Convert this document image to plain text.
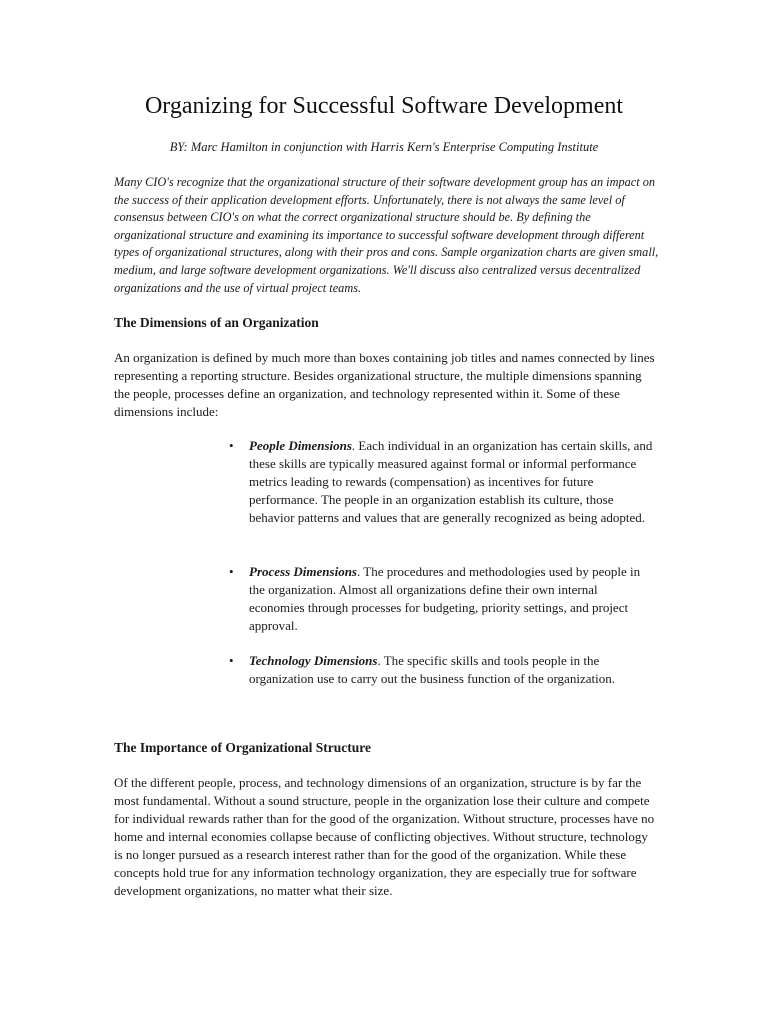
Organizing for Successful Software Development

BY: Marc Hamilton in conjunction with Harris Kern's Enterprise Computing Institute

Many CIO's recognize that the organizational structure of their software development group has an impact on the success of their application development efforts. Unfortunately, there is not always the same level of consensus between CIO's on what the correct organizational structure should be. By defining the organizational structure and examining its importance to successful software development through different types of organizational structures, along with their pros and cons. Sample organization charts are given small, medium, and large software development organizations. We'll discuss also centralized versus decentralized organizations and the use of virtual project teams.

The Dimensions of an Organization

An organization is defined by much more than boxes containing job titles and names connected by lines representing a reporting structure. Besides organizational structure, the multiple dimensions spanning the people, processes define an organization, and technology represented within it. Some of these dimensions include:

• People Dimensions. Each individual in an organization has certain skills, and these skills are typically measured against formal or informal performance metrics leading to rewards (compensation) as incentives for future performance. The people in an organization establish its culture, those behavior patterns and values that are generally recognized as being adopted.
• Process Dimensions. The procedures and methodologies used by people in the organization. Almost all organizations define their own internal economies through processes for budgeting, priority settings, and project approval.
• Technology Dimensions. The specific skills and tools people in the organization use to carry out the business function of the organization.
The Importance of Organizational Structure

Of the different people, process, and technology dimensions of an organization, structure is by far the most fundamental. Without a sound structure, people in the organization lose their culture and compete for individual rewards rather than for the good of the organization. Without structure, processes have no home and internal economies collapse because of conflicting objectives. Without structure, technology is no longer pursued as a research interest rather than for the good of the organization. While these concepts hold true for any information technology organization, they are especially true for software development organizations, no matter what their size.
